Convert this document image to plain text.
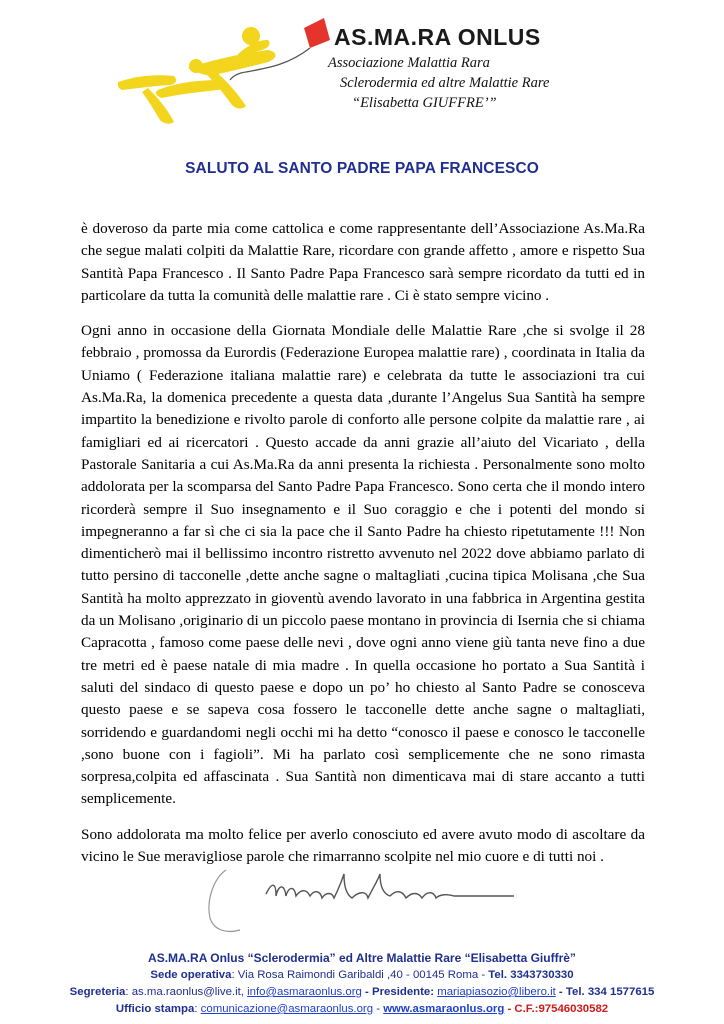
AS.MA.RA ONLUS
Associazione Malattia Rara
Sclerodermia ed altre Malattie Rare
“Elisabetta GIUFFRE’”
SALUTO AL SANTO PADRE PAPA FRANCESCO

è doveroso da parte mia come cattolica e come rappresentante dell’Associazione As.Ma.Ra che segue malati colpiti da Malattie Rare, ricordare con grande affetto , amore e rispetto Sua Santità Papa Francesco . Il Santo Padre Papa Francesco sarà sempre ricordato da tutti ed in particolare da tutta la comunità delle malattie rare . Ci è stato sempre vicino .

Ogni anno in occasione della Giornata Mondiale delle Malattie Rare ,che si svolge il 28 febbraio , promossa da Eurordis (Federazione Europea malattie rare) , coordinata in Italia da Uniamo ( Federazione italiana malattie rare) e celebrata da tutte le associazioni tra cui As.Ma.Ra, la domenica precedente a questa data ,durante l’Angelus Sua Santità ha sempre impartito la benedizione e rivolto parole di conforto alle persone colpite da malattie rare , ai famigliari ed ai ricercatori . Questo accade da anni grazie all’aiuto del Vicariato , della Pastorale Sanitaria a cui As.Ma.Ra da anni presenta la richiesta . Personalmente sono molto addolorata per la scomparsa del Santo Padre Papa Francesco. Sono certa che il mondo intero ricorderà sempre il Suo insegnamento e il Suo coraggio e che i potenti del mondo si impegneranno a far sì che ci sia la pace che il Santo Padre ha chiesto ripetutamente !!! Non dimenticherò mai il bellissimo incontro ristretto avvenuto nel 2022 dove abbiamo parlato di tutto persino di tacconelle ,dette anche sagne o maltagliati ,cucina tipica Molisana ,che Sua Santità ha molto apprezzato in gioventù avendo lavorato in una fabbrica in Argentina gestita da un Molisano ,originario di un piccolo paese montano in provincia di Isernia che si chiama Capracotta , famoso come paese delle nevi , dove ogni anno viene giù tanta neve fino a due tre metri ed è paese natale di mia madre . In quella occasione ho portato a Sua Santità i saluti del sindaco di questo paese e dopo un po’ ho chiesto al Santo Padre se conosceva questo paese e se sapeva cosa fossero le tacconelle dette anche sagne o maltagliati, sorridendo e guardandomi negli occhi mi ha detto “conosco il paese e conosco le tacconelle ,sono buone con i fagioli”. Mi ha parlato così semplicemente che ne sono rimasta sorpresa,colpita ed affascinata . Sua Santità non dimenticava mai di stare accanto a tutti semplicemente.

Sono addolorata ma molto felice per averlo conosciuto ed avere avuto modo di ascoltare da vicino le Sue meravigliose parole che rimarranno scolpite nel mio cuore e di tutti noi .

AS.MA.RA Onlus “Sclerodermia” ed Altre Malattie Rare “Elisabetta Giuffrè”
Sede operativa: Via Rosa Raimondi Garibaldi ,40 - 00145 Roma - Tel. 3343730330
Segreteria: as.ma.raonlus@live.it, info@asmaraonlus.org - Presidente: mariapiasozio@libero.it - Tel. 334 1577615
Ufficio stampa: comunicazione@asmaraonlus.org - www.asmaraonlus.org - C.F.:97546030582
